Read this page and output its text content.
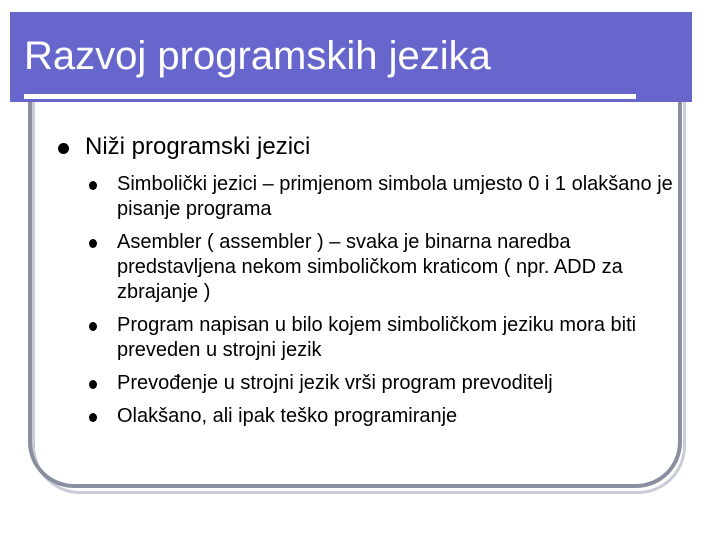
Razvoj programskih jezika
Niži programski jezici
Simbolički jezici – primjenom simbola umjesto 0 i 1 olakšano je pisanje programa
Asembler ( assembler ) – svaka je binarna naredba predstavljena nekom simboličkom kraticom ( npr. ADD za zbrajanje )
Program napisan u bilo kojem simboličkom jeziku mora biti preveden u strojni jezik
Prevođenje u strojni jezik vrši program prevoditelj
Olakšano, ali ipak teško programiranje
